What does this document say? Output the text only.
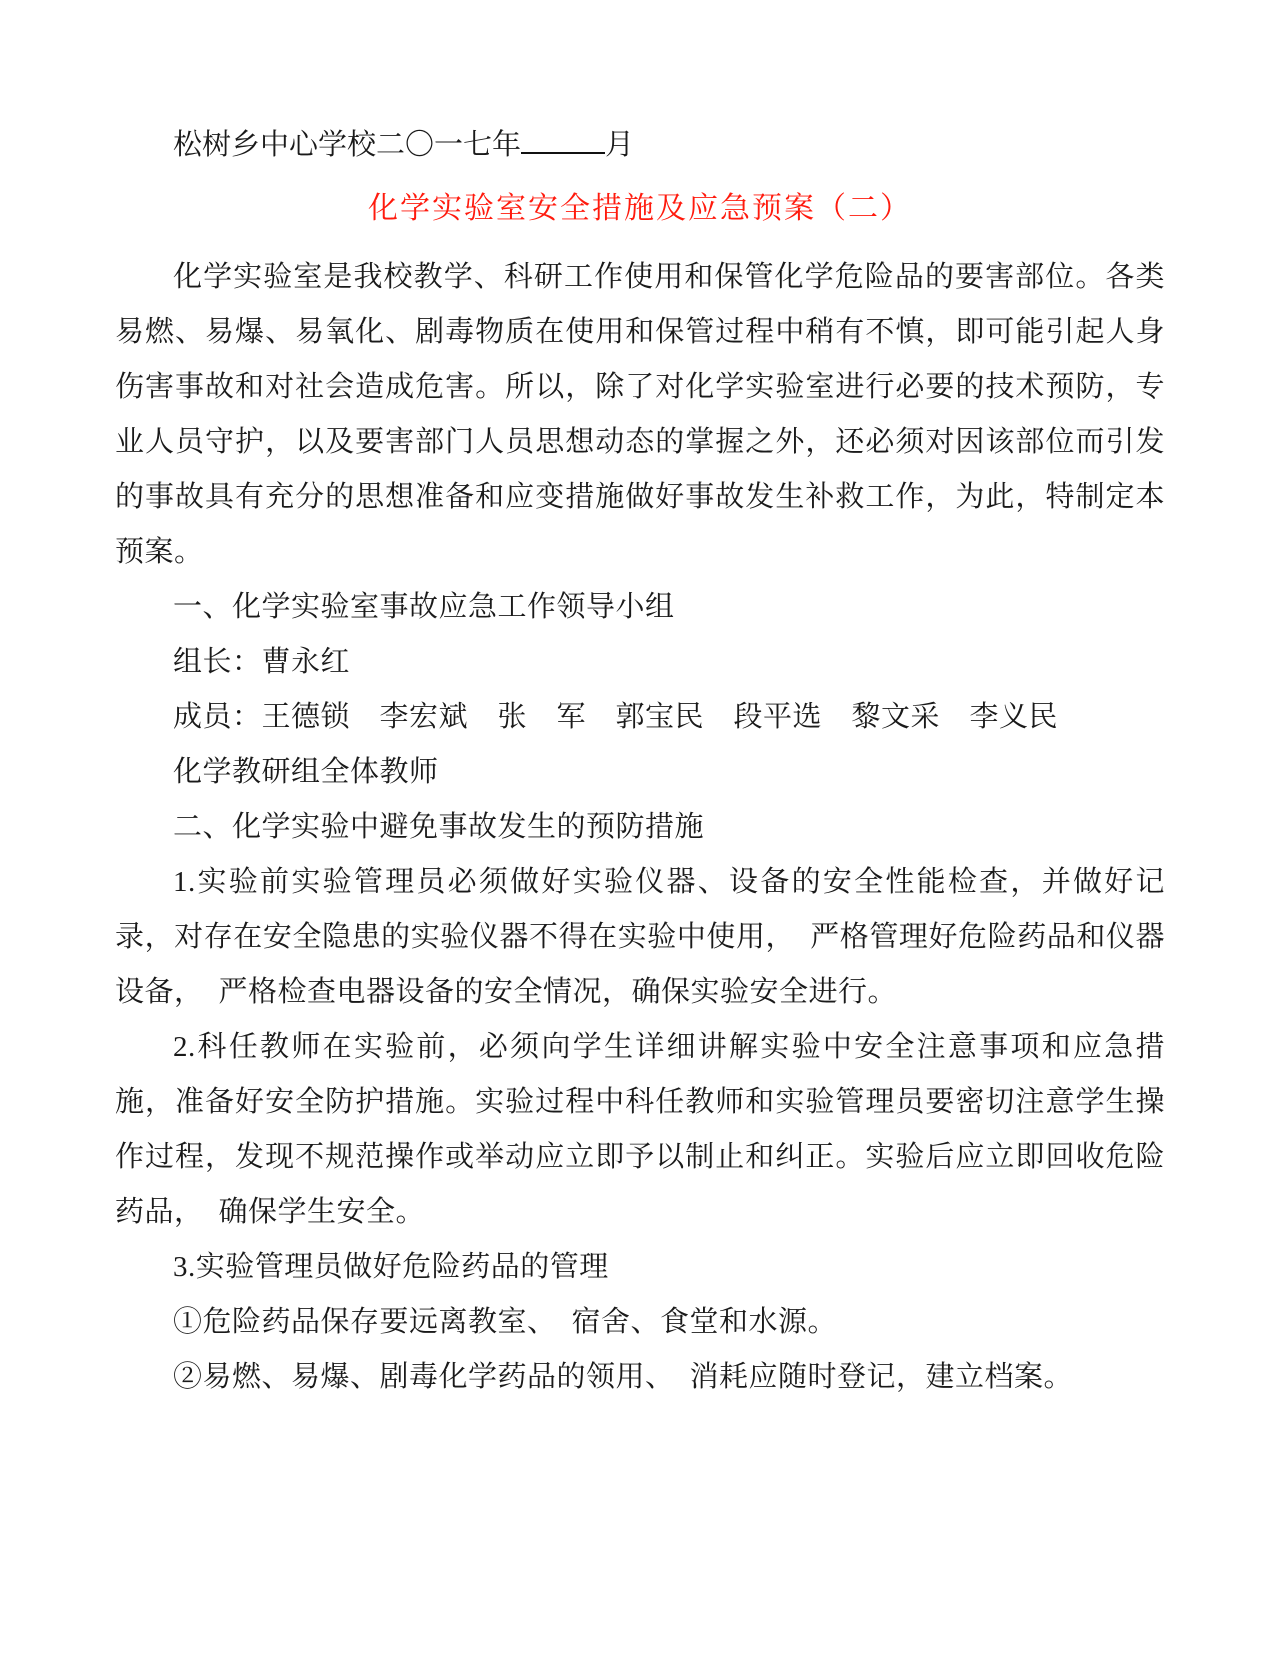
松树乡中心学校二〇一七年	月

化学实验室安全措施及应急预案（二）

化学实验室是我校教学、科研工作使用和保管化学危险品的要害部位。各类易燃、易爆、易氧化、剧毒物质在使用和保管过程中稍有不慎，即可能引起人身伤害事故和对社会造成危害。所以，除了对化学实验室进行必要的技术预防，专业人员守护，以及要害部门人员思想动态的掌握之外，还必须对因该部位而引发的事故具有充分的思想准备和应变措施做好事故发生补救工作，为此，特制定本预案。

一、化学实验室事故应急工作领导小组

组长：曹永红

成员：王德锁　李宏斌　张　军　郭宝民　段平选　黎文采　李义民

化学教研组全体教师

二、化学实验中避免事故发生的预防措施

1.实验前实验管理员必须做好实验仪器、设备的安全性能检查，并做好记录，对存在安全隐患的实验仪器不得在实验中使用，　严格管理好危险药品和仪器设备，　严格检查电器设备的安全情况，确保实验安全进行。

2.科任教师在实验前，必须向学生详细讲解实验中安全注意事项和应急措施，准备好安全防护措施。实验过程中科任教师和实验管理员要密切注意学生操作过程，发现不规范操作或举动应立即予以制止和纠正。实验后应立即回收危险药品，　确保学生安全。

3.实验管理员做好危险药品的管理

①危险药品保存要远离教室、　宿舍、食堂和水源。

②易燃、易爆、剧毒化学药品的领用、　消耗应随时登记，建立档案。
